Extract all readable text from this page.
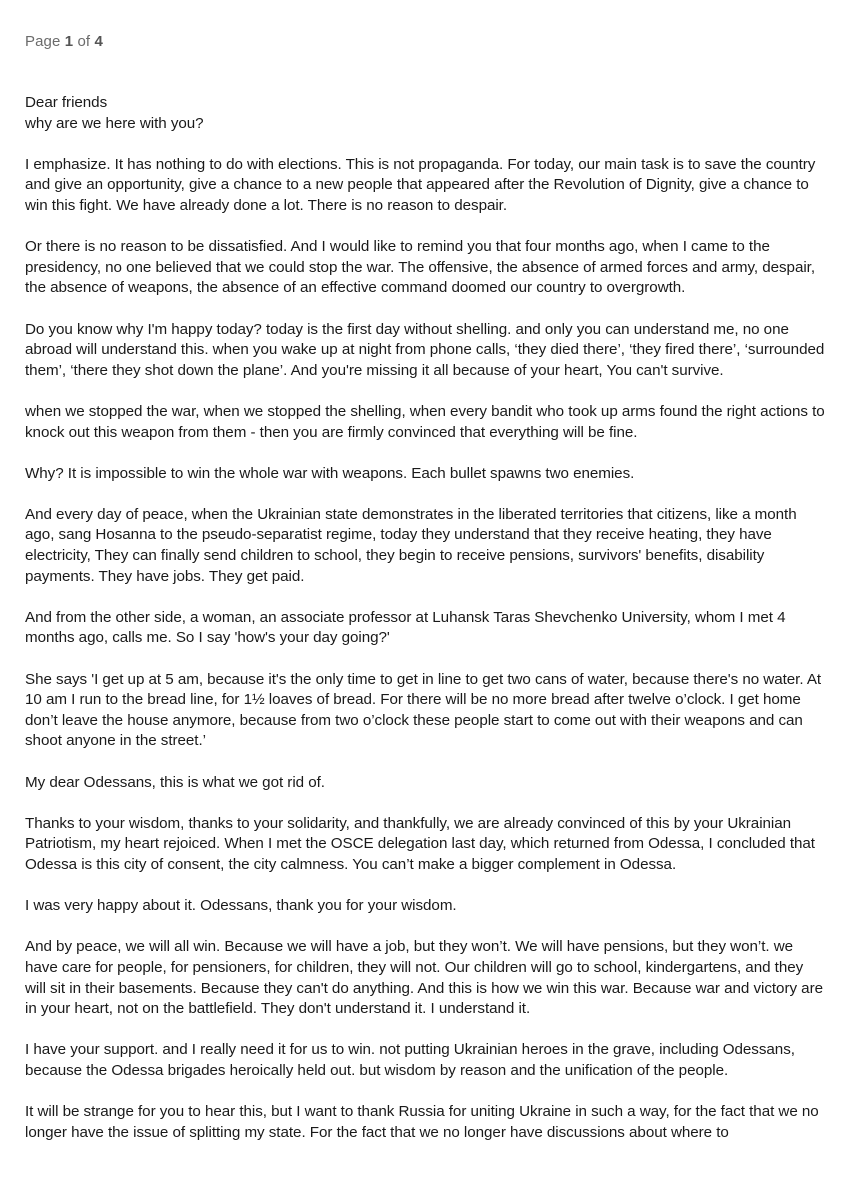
Page 1 of 4

Dear friends
why are we here with you?

I emphasize. It has nothing to do with elections. This is not propaganda. For today, our main task is to save the country and give an opportunity, give a chance to a new people that appeared after the Revolution of Dignity, give a chance to win this fight. We have already done a lot. There is no reason to despair.

Or there is no reason to be dissatisfied. And I would like to remind you that four months ago, when I came to the presidency, no one believed that we could stop the war. The offensive, the absence of armed forces and army, despair, the absence of weapons, the absence of an effective command doomed our country to overgrowth.

Do you know why I'm happy today? today is the first day without shelling. and only you can understand me, no one abroad will understand this. when you wake up at night from phone calls, ‘they died there’, ‘they fired there’, ‘surrounded them’, ‘there they shot down the plane’. And you're missing it all because of your heart, You can't survive.

when we stopped the war, when we stopped the shelling, when every bandit who took up arms found the right actions to knock out this weapon from them - then you are firmly convinced that everything will be fine.

Why? It is impossible to win the whole war with weapons. Each bullet spawns two enemies.

And every day of peace, when the Ukrainian state demonstrates in the liberated territories that citizens, like a month ago, sang Hosanna to the pseudo-separatist regime, today they understand that they receive heating, they have electricity, They can finally send children to school, they begin to receive pensions, survivors' benefits, disability payments. They have jobs. They get paid.

And from the other side, a woman, an associate professor at Luhansk Taras Shevchenko University, whom I met 4 months ago, calls me. So I say 'how's your day going?'

She says 'I get up at 5 am, because it's the only time to get in line to get two cans of water, because there's no water. At 10 am I run to the bread line, for 1½ loaves of bread. For there will be no more bread after twelve o’clock. I get home don’t leave the house anymore, because from two o’clock these people start to come out with their weapons and can shoot anyone in the street.’

My dear Odessans, this is what we got rid of.

Thanks to your wisdom, thanks to your solidarity, and thankfully, we are already convinced of this by your Ukrainian Patriotism, my heart rejoiced. When I met the OSCE delegation last day, which returned from Odessa, I concluded that Odessa is this city of consent, the city calmness. You can’t make a bigger complement in Odessa.

I was very happy about it. Odessans, thank you for your wisdom.

And by peace, we will all win. Because we will have a job, but they won’t. We will have pensions, but they won’t. we have care for people, for pensioners, for children, they will not. Our children will go to school, kindergartens, and they will sit in their basements. Because they can't do anything. And this is how we win this war. Because war and victory are in your heart, not on the battlefield. They don't understand it. I understand it.

I have your support. and I really need it for us to win. not putting Ukrainian heroes in the grave, including Odessans, because the Odessa brigades heroically held out. but wisdom by reason and the unification of the people.

It will be strange for you to hear this, but I want to thank Russia for uniting Ukraine in such a way, for the fact that we no longer have the issue of splitting my state. For the fact that we no longer have discussions about where to
